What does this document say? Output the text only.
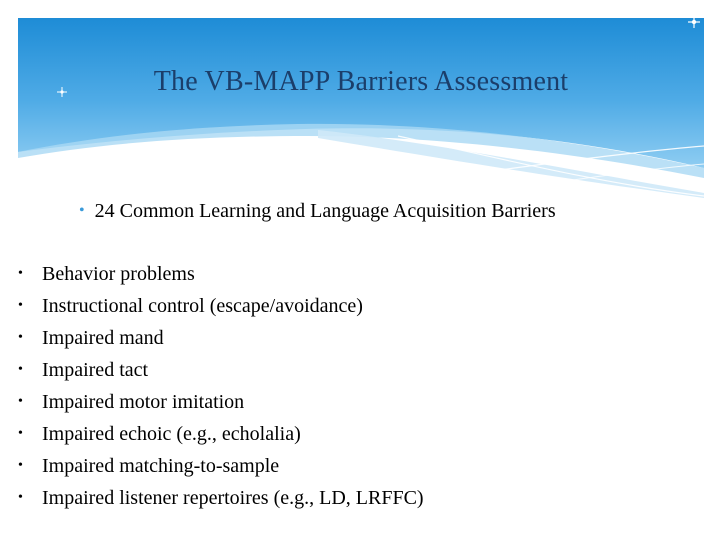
The VB-MAPP Barriers Assessment
• 24 Common Learning and Language Acquisition Barriers
• Behavior problems
• Instructional control (escape/avoidance)
• Impaired mand
• Impaired tact
• Impaired motor imitation
• Impaired echoic (e.g., echolalia)
• Impaired matching-to-sample
• Impaired listener repertoires (e.g., LD, LRFFC)
